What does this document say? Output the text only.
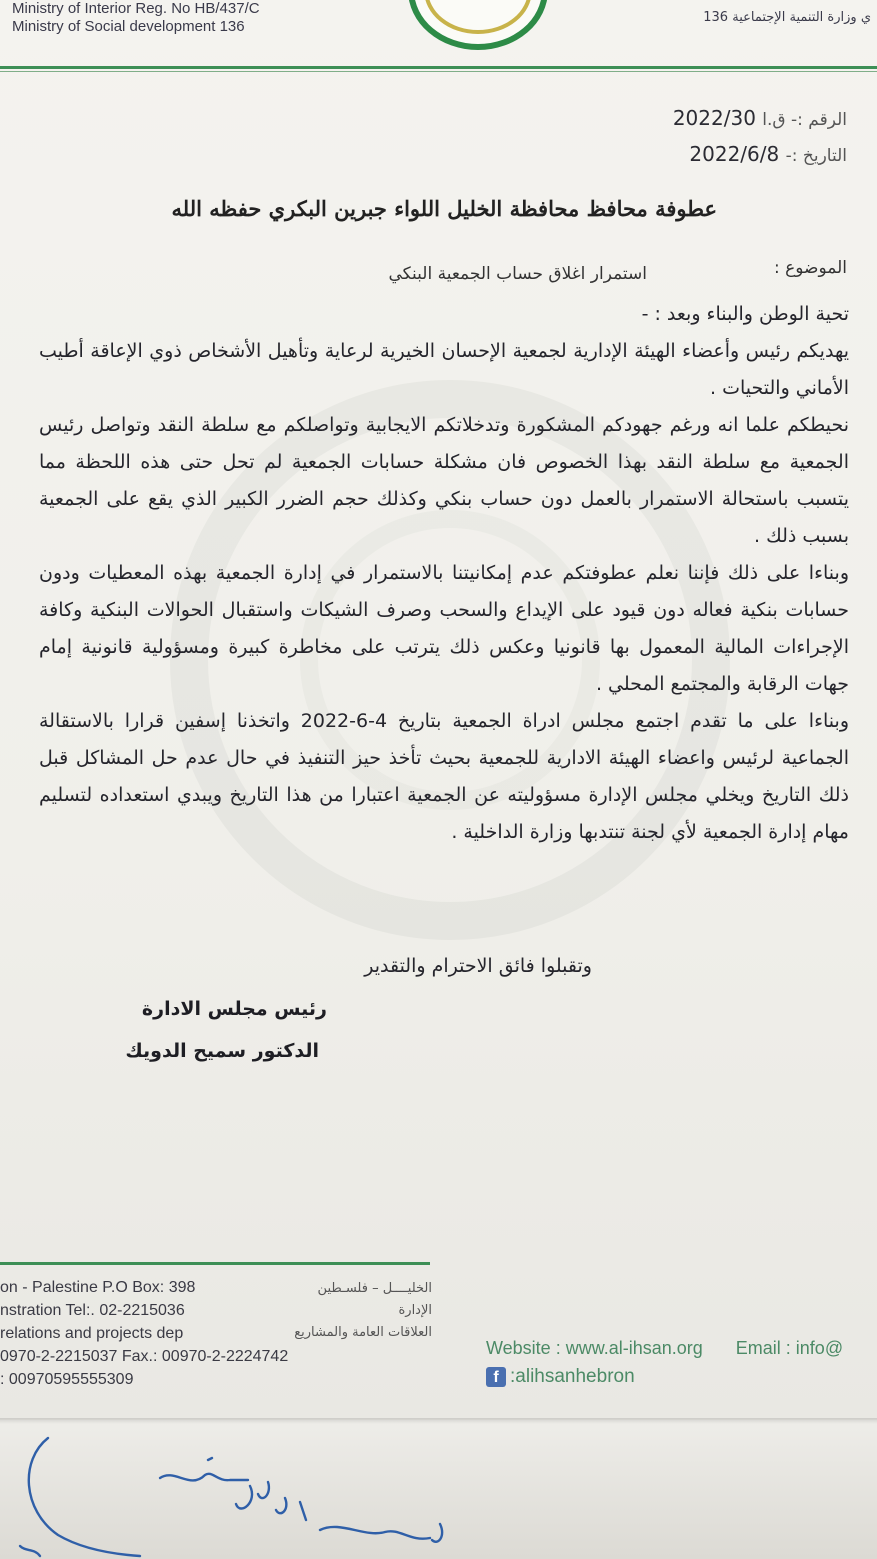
Ministry of Interior Reg. No HB/437/C
Ministry of Social development 136
ي وزارة التنمية الإجتماعية 136
الرقم :- ق.ا 2022/30
التاريخ :- 2022/6/8
عطوفة محافظ محافظة الخليل اللواء جبرين البكري حفظه الله
الموضوع :
استمرار اغلاق حساب الجمعية البنكي

تحية الوطن والبناء وبعد : -

يهديكم رئيس وأعضاء الهيئة الإدارية لجمعية الإحسان الخيرية لرعاية وتأهيل الأشخاص ذوي الإعاقة أطيب الأماني والتحيات .

نحيطكم علما انه ورغم جهودكم المشكورة وتدخلاتكم الايجابية وتواصلكم مع سلطة النقد وتواصل رئيس الجمعية مع سلطة النقد بهذا الخصوص فان مشكلة حسابات الجمعية لم تحل حتى هذه اللحظة مما يتسبب باستحالة الاستمرار بالعمل دون حساب بنكي وكذلك حجم الضرر الكبير الذي يقع على الجمعية بسبب ذلك .

وبناءا على ذلك فإننا نعلم عطوفتكم عدم إمكانيتنا بالاستمرار في إدارة الجمعية بهذه المعطيات ودون حسابات بنكية فعاله دون قيود على الإيداع والسحب وصرف الشيكات واستقبال الحوالات البنكية وكافة الإجراءات المالية المعمول بها قانونيا وعكس ذلك يترتب على مخاطرة كبيرة ومسؤولية قانونية إمام جهات الرقابة والمجتمع المحلي .

وبناءا على ما تقدم اجتمع مجلس ادراة الجمعية بتاريخ 4-6-2022 واتخذنا إسفين قرارا بالاستقالة الجماعية لرئيس واعضاء الهيئة الادارية للجمعية بحيث تأخذ حيز التنفيذ في حال عدم حل المشاكل قبل ذلك التاريخ ويخلي مجلس الإدارة مسؤوليته عن الجمعية اعتبارا من هذا التاريخ ويبدي استعداده لتسليم مهام إدارة الجمعية لأي لجنة تنتدبها وزارة الداخلية .

وتقبلوا فائق الاحترام والتقدير
رئيس مجلس الادارة
الدكتور سميح الدويك
on - Palestine P.O Box: 398
nstration Tel:. 02-2215036
relations and projects dep
0970-2-2215037 Fax.: 00970-2-2224742
: 00970595555309
الخليــــل – فلسـطين
الإدارة
العلاقات العامة والمشاريع
Website : www.al-ihsan.org Email : info@
f :alihsanhebron
